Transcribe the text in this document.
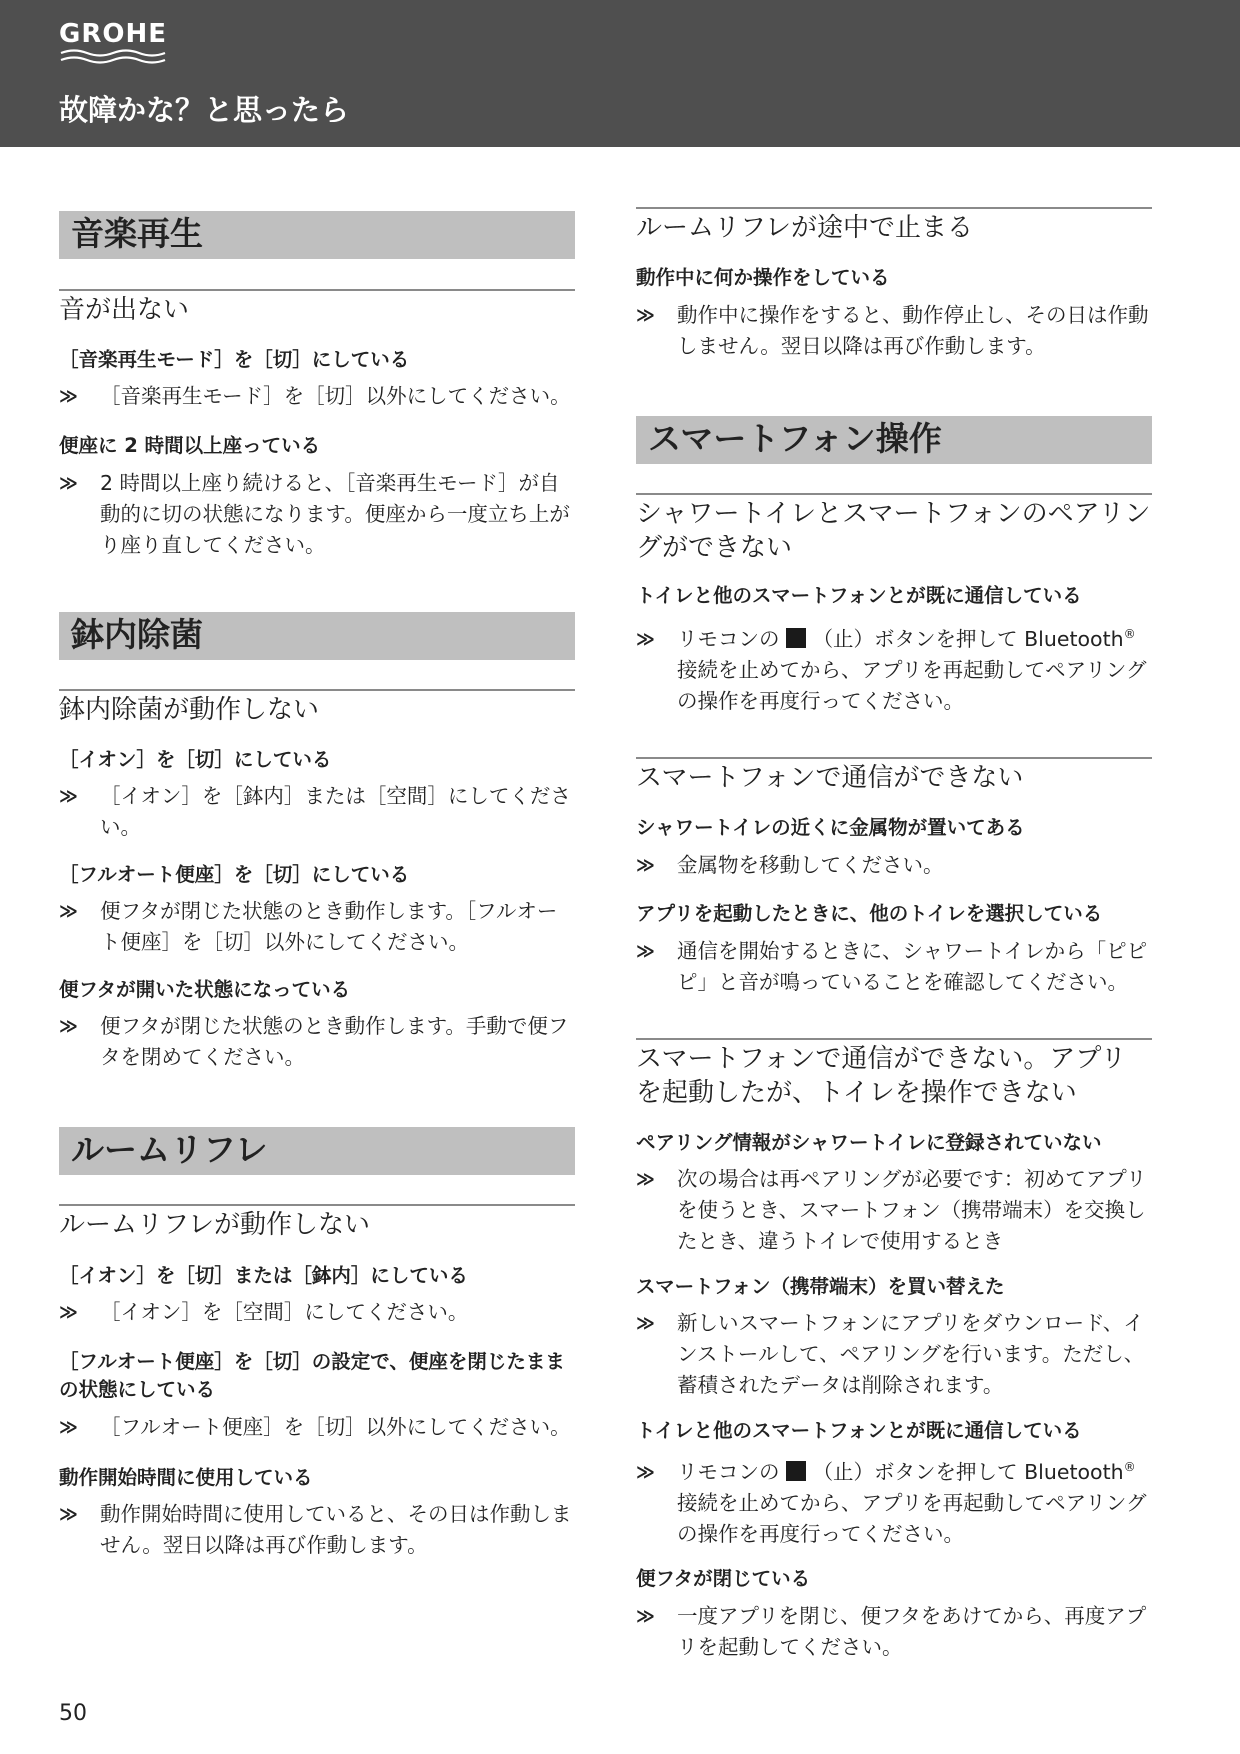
GROHE
故障かな？と思ったら
音楽再生
音が出ない
［音楽再生モード］を［切］にしている
≫	［音楽再生モード］を［切］以外にしてください。
便座に 2 時間以上座っている
≫	2 時間以上座り続けると、［音楽再生モード］が自動的に切の状態になります。便座から一度立ち上がり座り直してください。
鉢内除菌
鉢内除菌が動作しない
［イオン］を［切］にしている
≫	［イオン］を［鉢内］または［空間］にしてください。
［フルオート便座］を［切］にしている
≫	便フタが閉じた状態のとき動作します。［フルオート便座］を［切］以外にしてください。
便フタが開いた状態になっている
≫	便フタが閉じた状態のとき動作します。手動で便フタを閉めてください。
ルームリフレ
ルームリフレが動作しない
［イオン］を［切］または［鉢内］にしている
≫	［イオン］を［空間］にしてください。
［フルオート便座］を［切］の設定で、便座を閉じたままの状態にしている
≫	［フルオート便座］を［切］以外にしてください。
動作開始時間に使用している
≫	動作開始時間に使用していると、その日は作動しません。翌日以降は再び作動します。
ルームリフレが途中で止まる
動作中に何か操作をしている
≫	動作中に操作をすると、動作停止し、その日は作動しません。翌日以降は再び作動します。
スマートフォン操作
シャワートイレとスマートフォンのペアリングができない
トイレと他のスマートフォンとが既に通信している
≫	リモコンの （止）ボタンを押して Bluetooth®
接続を止めてから、アプリを再起動してペアリングの操作を再度行ってください。
スマートフォンで通信ができない
シャワートイレの近くに金属物が置いてある
≫	金属物を移動してください。
アプリを起動したときに、他のトイレを選択している
≫	通信を開始するときに、シャワートイレから「ピピピ」と音が鳴っていることを確認してください。
スマートフォンで通信ができない。アプリを起動したが、トイレを操作できない
ペアリング情報がシャワートイレに登録されていない
≫	次の場合は再ペアリングが必要です：初めてアプリを使うとき、スマートフォン（携帯端末）を交換したとき、違うトイレで使用するとき
スマートフォン（携帯端末）を買い替えた
≫	新しいスマートフォンにアプリをダウンロード、インストールして、ペアリングを行います。ただし、蓄積されたデータは削除されます。
トイレと他のスマートフォンとが既に通信している
≫	リモコンの （止）ボタンを押して Bluetooth®
接続を止めてから、アプリを再起動してペアリングの操作を再度行ってください。
便フタが閉じている
≫	一度アプリを閉じ、便フタをあけてから、再度アプリを起動してください。
50
